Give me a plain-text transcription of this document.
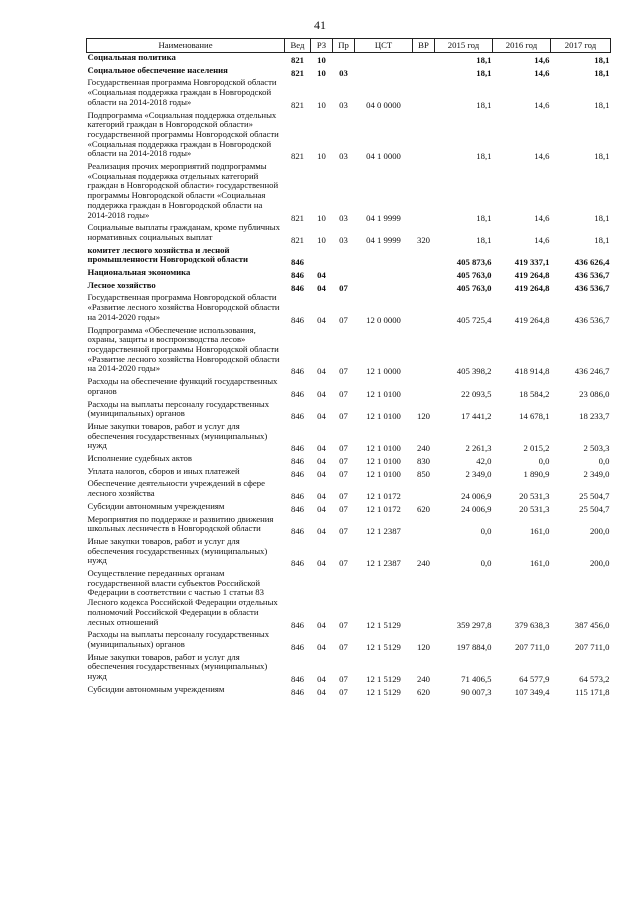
41
Наименование	Вед	РЗ	Пр	ЦСТ	ВР	2015 год	2016 год	2017 год
Социальная политика	821	10				18,1	14,6	18,1
Социальное обеспечение населения	821	10	03			18,1	14,6	18,1
Государственная программа Новгородской области «Социальная поддержка граждан в Новгородской области на 2014-2018 годы»	821	10	03	04 0 0000		18,1	14,6	18,1
Подпрограмма «Социальная поддержка отдельных категорий граждан в Новгородской области» государственной программы Новгородской области «Социальная поддержка граждан в Новгородской области на 2014-2018 годы»	821	10	03	04 1 0000		18,1	14,6	18,1
Реализация прочих мероприятий подпрограммы «Социальная поддержка отдельных категорий граждан в Новгородской области» государственной программы Новгородской области «Социальная поддержка граждан в Новгородской области на 2014-2018 годы»	821	10	03	04 1 9999		18,1	14,6	18,1
Социальные выплаты гражданам, кроме публичных нормативных социальных выплат	821	10	03	04 1 9999	320	18,1	14,6	18,1
комитет лесного хозяйства и лесной промышленности Новгородской области	846					405 873,6	419 337,1	436 626,4
Национальная экономика	846	04				405 763,0	419 264,8	436 536,7
Лесное хозяйство	846	04	07			405 763,0	419 264,8	436 536,7
Государственная программа Новгородской области «Развитие лесного хозяйства Новгородской области на 2014-2020 годы»	846	04	07	12 0 0000		405 725,4	419 264,8	436 536,7
Подпрограмма «Обеспечение использования, охраны, защиты и воспроизводства лесов» государственной программы Новгородской области «Развитие лесного хозяйства Новгородской области на 2014-2020 годы»	846	04	07	12 1 0000		405 398,2	418 914,8	436 246,7
Расходы на обеспечение функций государственных органов	846	04	07	12 1 0100		22 093,5	18 584,2	23 086,0
Расходы на выплаты персоналу государственных (муниципальных) органов	846	04	07	12 1 0100	120	17 441,2	14 678,1	18 233,7
Иные закупки товаров, работ и услуг для обеспечения государственных (муниципальных) нужд	846	04	07	12 1 0100	240	2 261,3	2 015,2	2 503,3
Исполнение судебных актов	846	04	07	12 1 0100	830	42,0	0,0	0,0
Уплата налогов, сборов и иных платежей	846	04	07	12 1 0100	850	2 349,0	1 890,9	2 349,0
Обеспечение деятельности учреждений в сфере лесного хозяйства	846	04	07	12 1 0172		24 006,9	20 531,3	25 504,7
Субсидии автономным учреждениям	846	04	07	12 1 0172	620	24 006,9	20 531,3	25 504,7
Мероприятия по поддержке и развитию движения школьных лесничеств в Новгородской области	846	04	07	12 1 2387		0,0	161,0	200,0
Иные закупки товаров, работ и услуг для обеспечения государственных (муниципальных) нужд	846	04	07	12 1 2387	240	0,0	161,0	200,0
Осуществление переданных органам государственной власти субъектов Российской Федерации в соответствии с частью 1 статьи 83 Лесного кодекса Российской Федерации отдельных полномочий Российской Федерации в области лесных отношений	846	04	07	12 1 5129		359 297,8	379 638,3	387 456,0
Расходы на выплаты персоналу государственных (муниципальных) органов	846	04	07	12 1 5129	120	197 884,0	207 711,0	207 711,0
Иные закупки товаров, работ и услуг для обеспечения государственных (муниципальных) нужд	846	04	07	12 1 5129	240	71 406,5	64 577,9	64 573,2
Субсидии автономным учреждениям	846	04	07	12 1 5129	620	90 007,3	107 349,4	115 171,8
